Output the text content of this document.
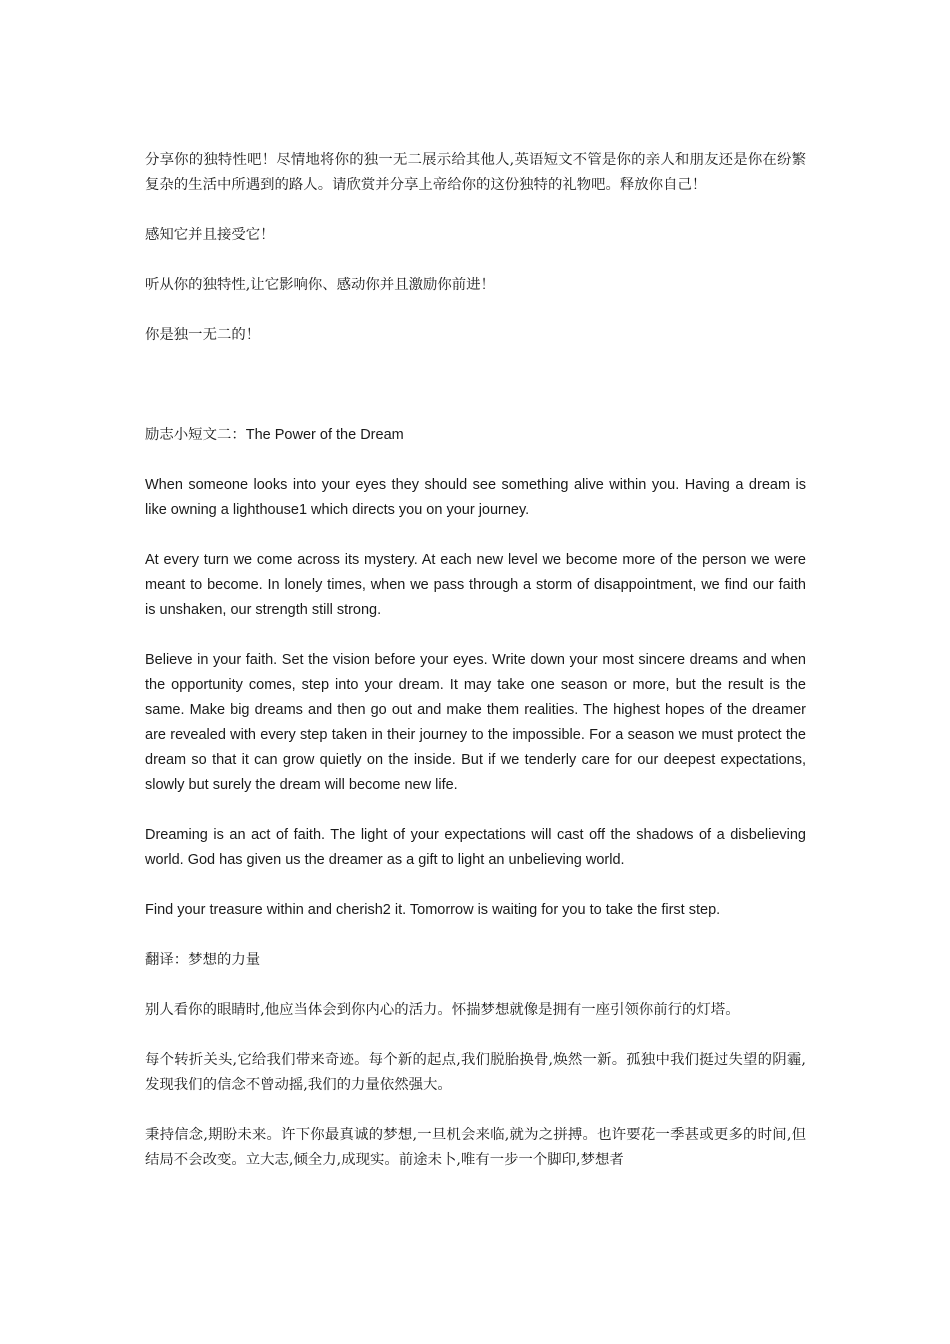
分享你的独特性吧！尽情地将你的独一无二展示给其他人,英语短文不管是你的亲人和朋友还是你在纷繁复杂的生活中所遇到的路人。请欣赏并分享上帝给你的这份独特的礼物吧。释放你自己！

感知它并且接受它！

听从你的独特性,让它影响你、感动你并且激励你前进！

你是独一无二的！

励志小短文二：The Power of the Dream

When someone looks into your eyes they should see something alive within you. Having a dream is like owning a lighthouse1 which directs you on your journey.

At every turn we come across its mystery. At each new level we become more of the person we were meant to become. In lonely times, when we pass through a storm of disappointment, we find our faith is unshaken, our strength still strong.

Believe in your faith. Set the vision before your eyes. Write down your most sincere dreams and when the opportunity comes, step into your dream. It may take one season or more, but the result is the same. Make big dreams and then go out and make them realities. The highest hopes of the dreamer are revealed with every step taken in their journey to the impossible. For a season we must protect the dream so that it can grow quietly on the inside. But if we tenderly care for our deepest expectations, slowly but surely the dream will become new life.

Dreaming is an act of faith. The light of your expectations will cast off the shadows of a disbelieving world. God has given us the dreamer as a gift to light an unbelieving world.

Find your treasure within and cherish2 it. Tomorrow is waiting for you to take the first step.

翻译：梦想的力量

别人看你的眼睛时,他应当体会到你内心的活力。怀揣梦想就像是拥有一座引领你前行的灯塔。

每个转折关头,它给我们带来奇迹。每个新的起点,我们脱胎换骨,焕然一新。孤独中我们挺过失望的阴霾,发现我们的信念不曾动摇,我们的力量依然强大。

秉持信念,期盼未来。许下你最真诚的梦想,一旦机会来临,就为之拼搏。也许要花一季甚或更多的时间,但结局不会改变。立大志,倾全力,成现实。前途未卜,唯有一步一个脚印,梦想者
